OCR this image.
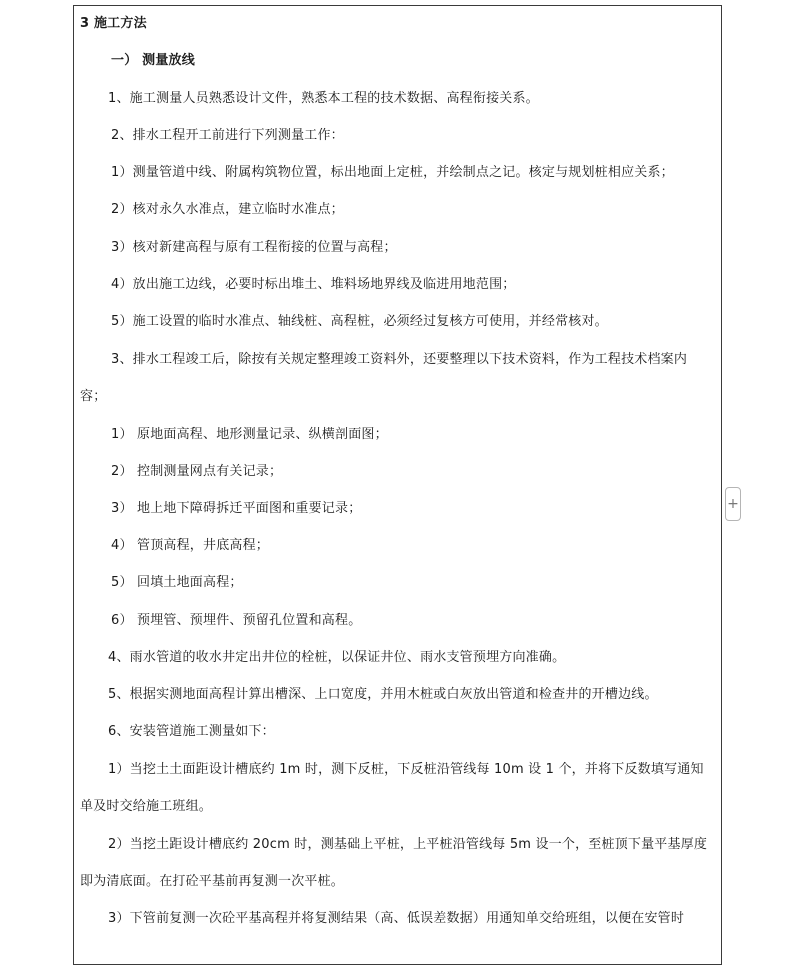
3 施工方法
一） 测量放线
1、施工测量人员熟悉设计文件，熟悉本工程的技术数据、高程衔接关系。
2、排水工程开工前进行下列测量工作：
1）测量管道中线、附属构筑物位置，标出地面上定桩，并绘制点之记。核定与规划桩相应关系；
2）核对永久水准点，建立临时水准点；
3）核对新建高程与原有工程衔接的位置与高程；
4）放出施工边线，必要时标出堆土、堆料场地界线及临进用地范围；
5）施工设置的临时水准点、轴线桩、高程桩，必须经过复核方可使用，并经常核对。
3、排水工程竣工后，除按有关规定整理竣工资料外，还要整理以下技术资料，作为工程技术档案内
容；
1） 原地面高程、地形测量记录、纵横剖面图；
2） 控制测量网点有关记录；
3） 地上地下障碍拆迁平面图和重要记录；
4） 管顶高程，井底高程；
5） 回填土地面高程；
6） 预埋管、预埋件、预留孔位置和高程。
4、雨水管道的收水井定出井位的栓桩，以保证井位、雨水支管预埋方向准确。
5、根据实测地面高程计算出槽深、上口宽度，并用木桩或白灰放出管道和检查井的开槽边线。
6、安装管道施工测量如下：
1）当挖土土面距设计槽底约 1m 时，测下反桩，下反桩沿管线每 10m 设 1 个，并将下反数填写通知
单及时交给施工班组。
2）当挖土距设计槽底约 20cm 时，测基础上平桩，上平桩沿管线每 5m 设一个，至桩顶下量平基厚度
即为清底面。在打砼平基前再复测一次平桩。
3）下管前复测一次砼平基高程并将复测结果（高、低误差数据）用通知单交给班组，以便在安管时
+
